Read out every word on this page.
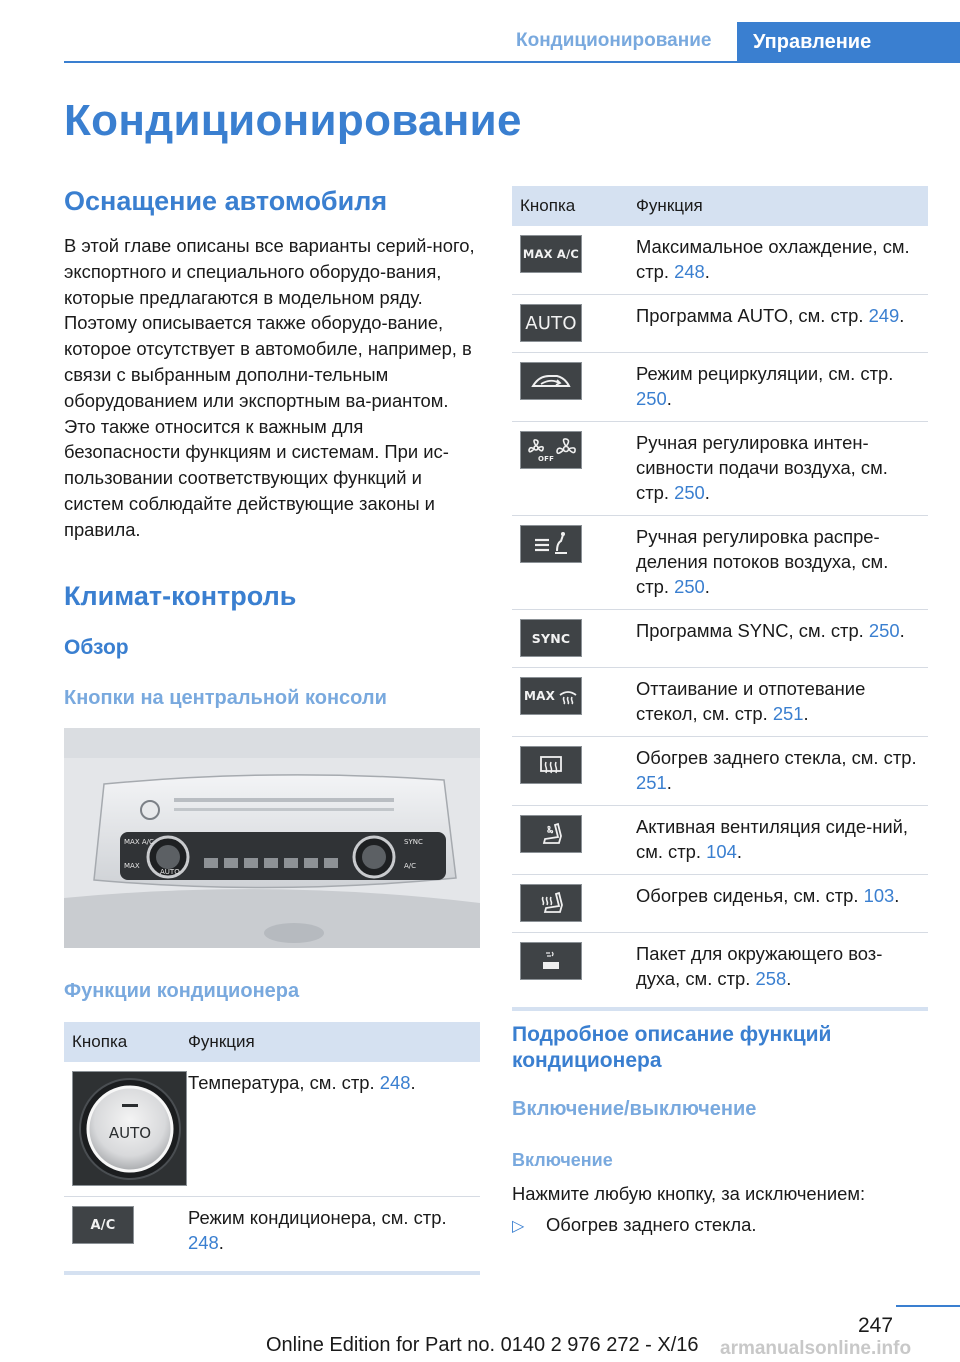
Кондиционирование	Управление
Кондиционирование
Оснащение автомобиля

В этой главе описаны все варианты серий-ного, экспортного и специального оборудо-вания, которые предлагаются в модельном ряду. Поэтому описывается также оборудо-вание, которое отсутствует в автомобиле, например, в связи с выбранным дополни-тельным оборудованием или экспортным ва-риантом. Это также относится к важным для безопасности функциям и системам. При ис-пользовании соответствующих функций и систем соблюдайте действующие законы и правила.

Климат-контроль
Обзор
Кнопки на центральной консоли
Функции кондиционера
Кнопка	Функция

AUTO	Температура, см. стр. 248.

A/C	Режим кондиционера, см. стр. 248.
MAX A/C
MAX
AUTO
SYNC
A/C
Кнопка	Функция

MAX A/C	Максимальное охлаждение, см. стр. 248.

AUTO	Программа AUTO, см. стр. 249.

	Режим рециркуляции, см. стр. 250.

OFF	Ручная регулировка интен-сивности подачи воздуха, см. стр. 250.

	Ручная регулировка распре-деления потоков воздуха, см. стр. 250.

SYNC	Программа SYNC, см. стр. 250.

MAX	Оттаивание и отпотевание стекол, см. стр. 251.

	Обогрев заднего стекла, см. стр. 251.

	Активная вентиляция сиде-ний, см. стр. 104.

	Обогрев сиденья, см. стр. 103.

	Пакет для окружающего воз-духа, см. стр. 258.
Подробное описание функций кондиционера
Включение/выключение
Включение

Нажмите любую кнопку, за исключением:

▷	Обогрев заднего стекла.
247
Online Edition for Part no. 0140 2 976 272 - X/16 armanualsonline.info
